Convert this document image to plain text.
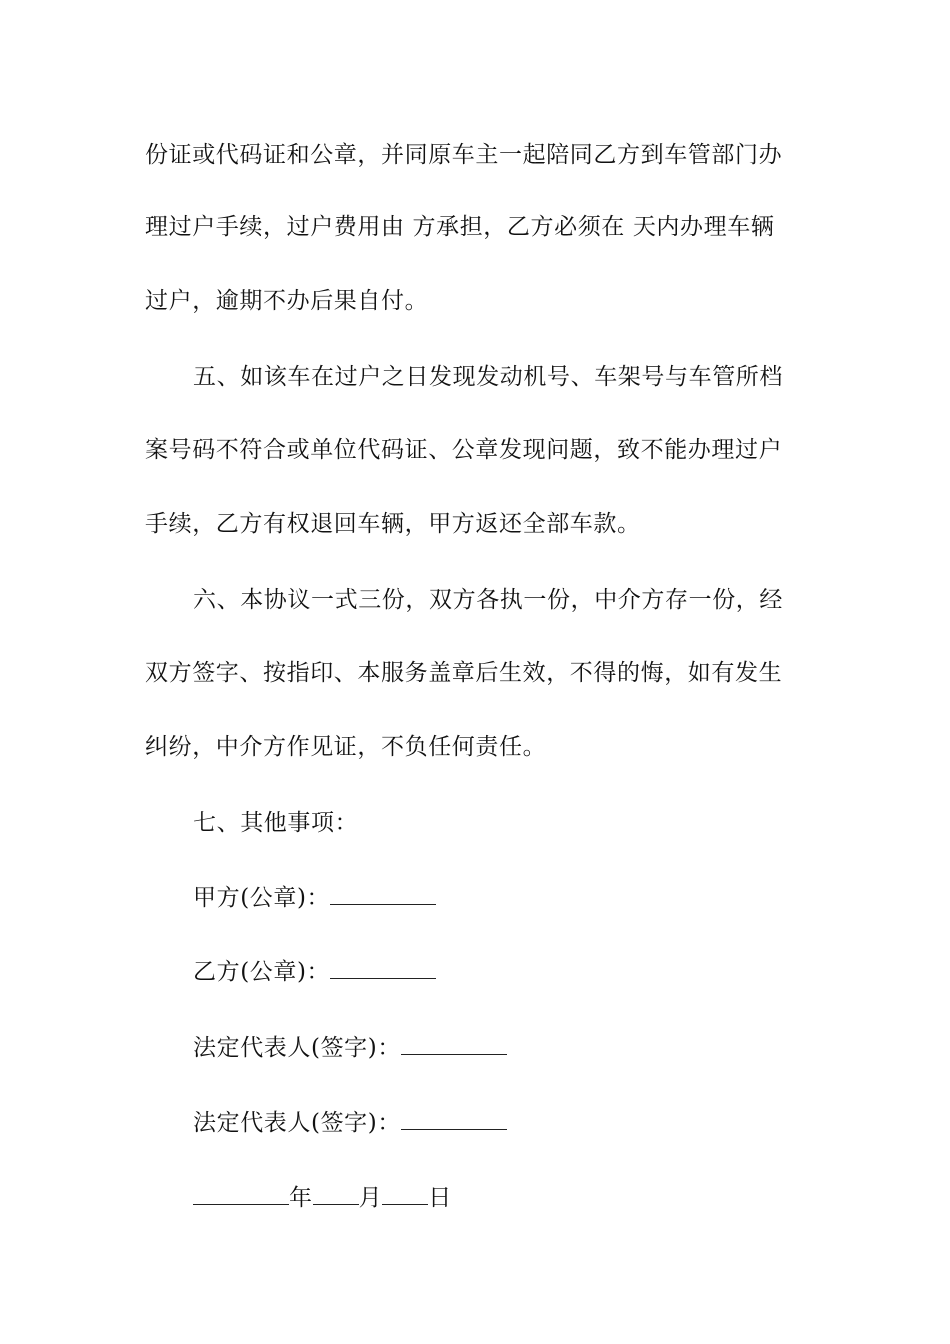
份证或代码证和公章，并同原车主一起陪同乙方到车管部门办
理过户手续，过户费用由 方承担，乙方必须在 天内办理车辆
过户，逾期不办后果自付。
五、如该车在过户之日发现发动机号、车架号与车管所档
案号码不符合或单位代码证、公章发现问题，致不能办理过户
手续，乙方有权退回车辆，甲方返还全部车款。
六、本协议一式三份，双方各执一份，中介方存一份，经
双方签字、按指印、本服务盖章后生效，不得的悔，如有发生
纠纷，中介方作见证，不负任何责任。
七、其他事项：
甲方(公章)：
乙方(公章)：
法定代表人(签字)：
法定代表人(签字)：
年 月 日
